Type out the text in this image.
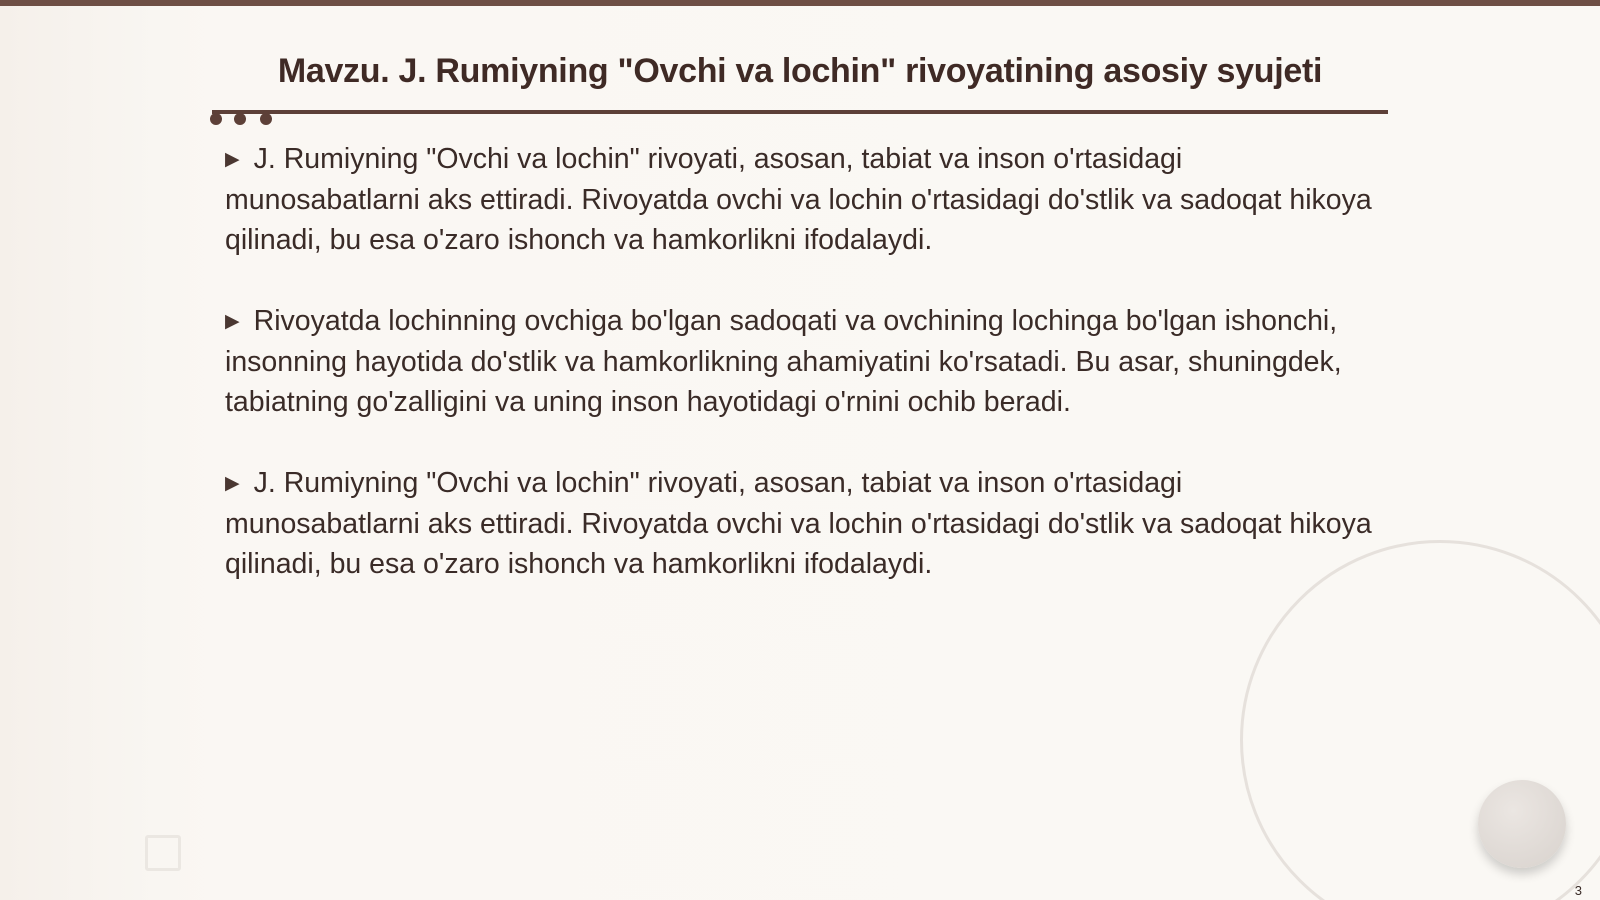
Mavzu. J. Rumiyning "Ovchi va lochin" rivoyatining asosiy syujeti

▶ J. Rumiyning "Ovchi va lochin" rivoyati, asosan, tabiat va inson o'rtasidagi munosabatlarni aks ettiradi. Rivoyatda ovchi va lochin o'rtasidagi do'stlik va sadoqat hikoya qilinadi, bu esa o'zaro ishonch va hamkorlikni ifodalaydi.

▶ Rivoyatda lochinning ovchiga bo'lgan sadoqati va ovchining lochinga bo'lgan ishonchi, insonning hayotida do'stlik va hamkorlikning ahamiyatini ko'rsatadi. Bu asar, shuningdek, tabiatning go'zalligini va uning inson hayotidagi o'rnini ochib beradi.

▶ J. Rumiyning "Ovchi va lochin" rivoyati, asosan, tabiat va inson o'rtasidagi munosabatlarni aks ettiradi. Rivoyatda ovchi va lochin o'rtasidagi do'stlik va sadoqat hikoya qilinadi, bu esa o'zaro ishonch va hamkorlikni ifodalaydi.

3
